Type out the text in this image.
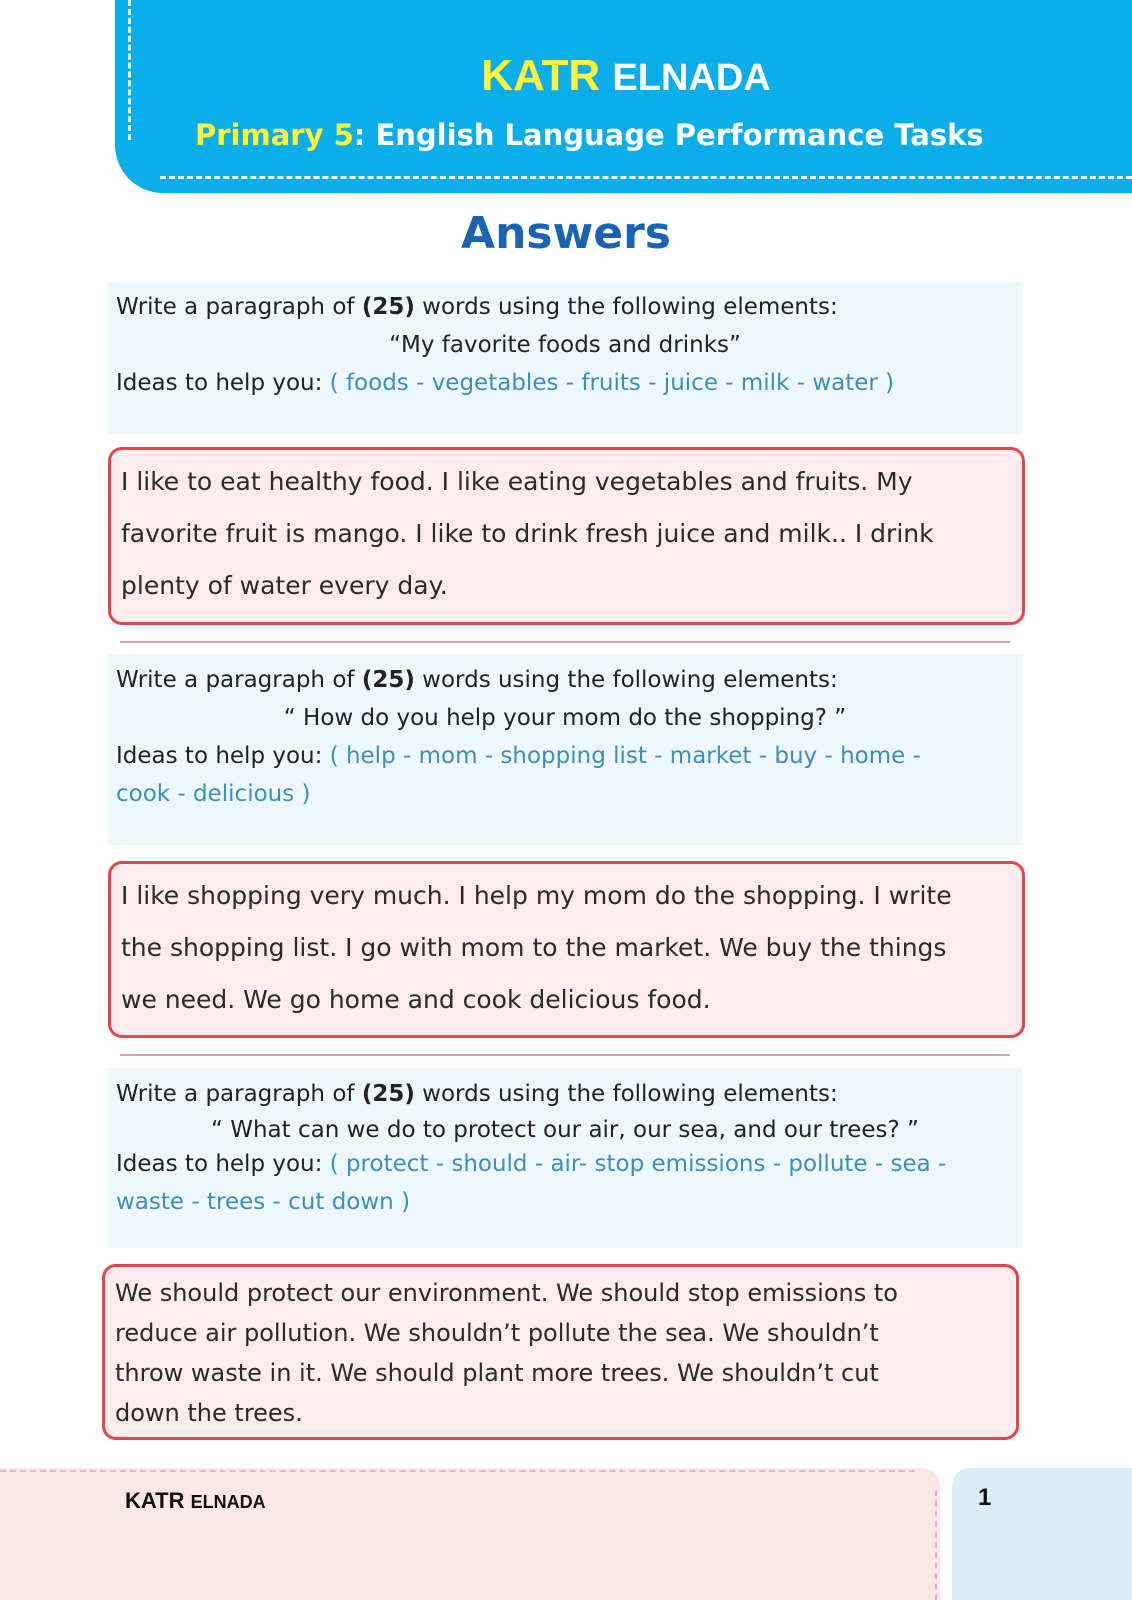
KATR ELNADA
Primary 5: English Language Performance Tasks
Answers
Write a paragraph of (25) words using the following elements:
“My favorite foods and drinks”
Ideas to help you: ( foods - vegetables - fruits - juice - milk - water )
I like to eat healthy food. I like eating vegetables and fruits. My
favorite fruit is mango. I like to drink fresh juice and milk.. I drink
plenty of water every day.
Write a paragraph of (25) words using the following elements:
“ How do you help your mom do the shopping? ”
Ideas to help you: ( help - mom - shopping list - market - buy - home -
cook - delicious )
I like shopping very much. I help my mom do the shopping. I write
the shopping list. I go with mom to the market. We buy the things
we need. We go home and cook delicious food.
Write a paragraph of (25) words using the following elements:
“ What can we do to protect our air, our sea, and our trees? ”
Ideas to help you: ( protect - should - air- stop emissions - pollute - sea -
waste - trees - cut down )
We should protect our environment. We should stop emissions to
reduce air pollution. We shouldn’t pollute the sea. We shouldn’t
throw waste in it. We should plant more trees. We shouldn’t cut
down the trees.
KATR ELNADA	1
